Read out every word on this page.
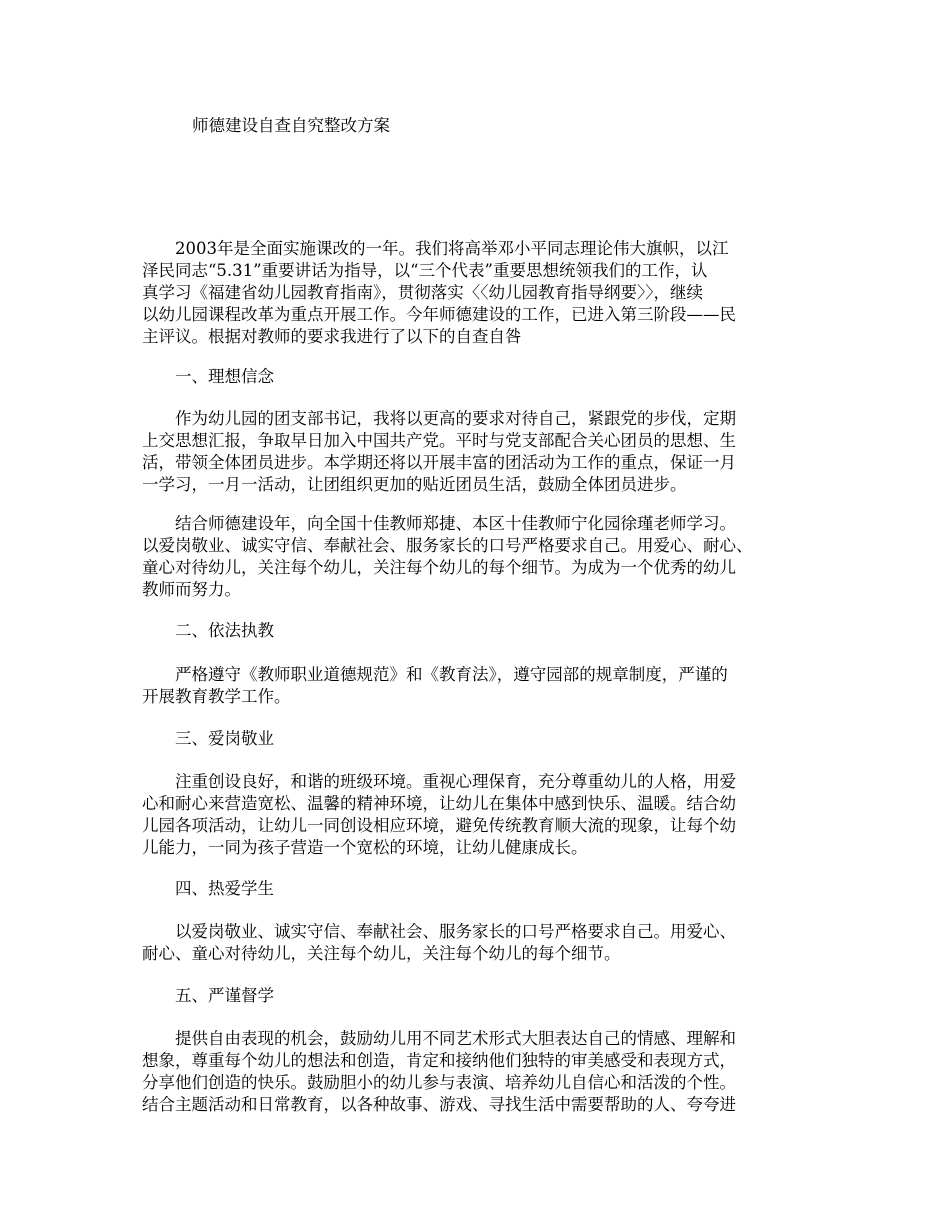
师德建设自查自究整改方案
2003年是全面实施课改的一年。我们将高举邓小平同志理论伟大旗帜，以江
泽民同志“5.31”重要讲话为指导，以“三个代表”重要思想统领我们的工作，认
真学习《福建省幼儿园教育指南》，贯彻落实〈〈幼儿园教育指导纲要〉〉，继续
以幼儿园课程改革为重点开展工作。今年师德建设的工作，已进入第三阶段——民
主评议。根据对教师的要求我进行了以下的自查自咎
一、理想信念
作为幼儿园的团支部书记，我将以更高的要求对待自己，紧跟党的步伐，定期
上交思想汇报，争取早日加入中国共产党。平时与党支部配合关心团员的思想、生
活，带领全体团员进步。本学期还将以开展丰富的团活动为工作的重点，保证一月
一学习，一月一活动，让团组织更加的贴近团员生活，鼓励全体团员进步。
结合师德建设年，向全国十佳教师郑捷、本区十佳教师宁化园徐瑾老师学习。
以爱岗敬业、诚实守信、奉献社会、服务家长的口号严格要求自己。用爱心、耐心、
童心对待幼儿，关注每个幼儿，关注每个幼儿的每个细节。为成为一个优秀的幼儿
教师而努力。
二、依法执教
严格遵守《教师职业道德规范》和《教育法》，遵守园部的规章制度，严谨的
开展教育教学工作。
三、爱岗敬业
注重创设良好，和谐的班级环境。重视心理保育，充分尊重幼儿的人格，用爱
心和耐心来营造宽松、温馨的精神环境，让幼儿在集体中感到快乐、温暖。结合幼
儿园各项活动，让幼儿一同创设相应环境，避免传统教育顺大流的现象，让每个幼
儿能力，一同为孩子营造一个宽松的环境，让幼儿健康成长。
四、热爱学生
以爱岗敬业、诚实守信、奉献社会、服务家长的口号严格要求自己。用爱心、
耐心、童心对待幼儿，关注每个幼儿，关注每个幼儿的每个细节。
五、严谨督学
提供自由表现的机会，鼓励幼儿用不同艺术形式大胆表达自己的情感、理解和
想象，尊重每个幼儿的想法和创造，肯定和接纳他们独特的审美感受和表现方式，
分享他们创造的快乐。鼓励胆小的幼儿参与表演、培养幼儿自信心和活泼的个性。
结合主题活动和日常教育，以各种故事、游戏、寻找生活中需要帮助的人、夸夸进
